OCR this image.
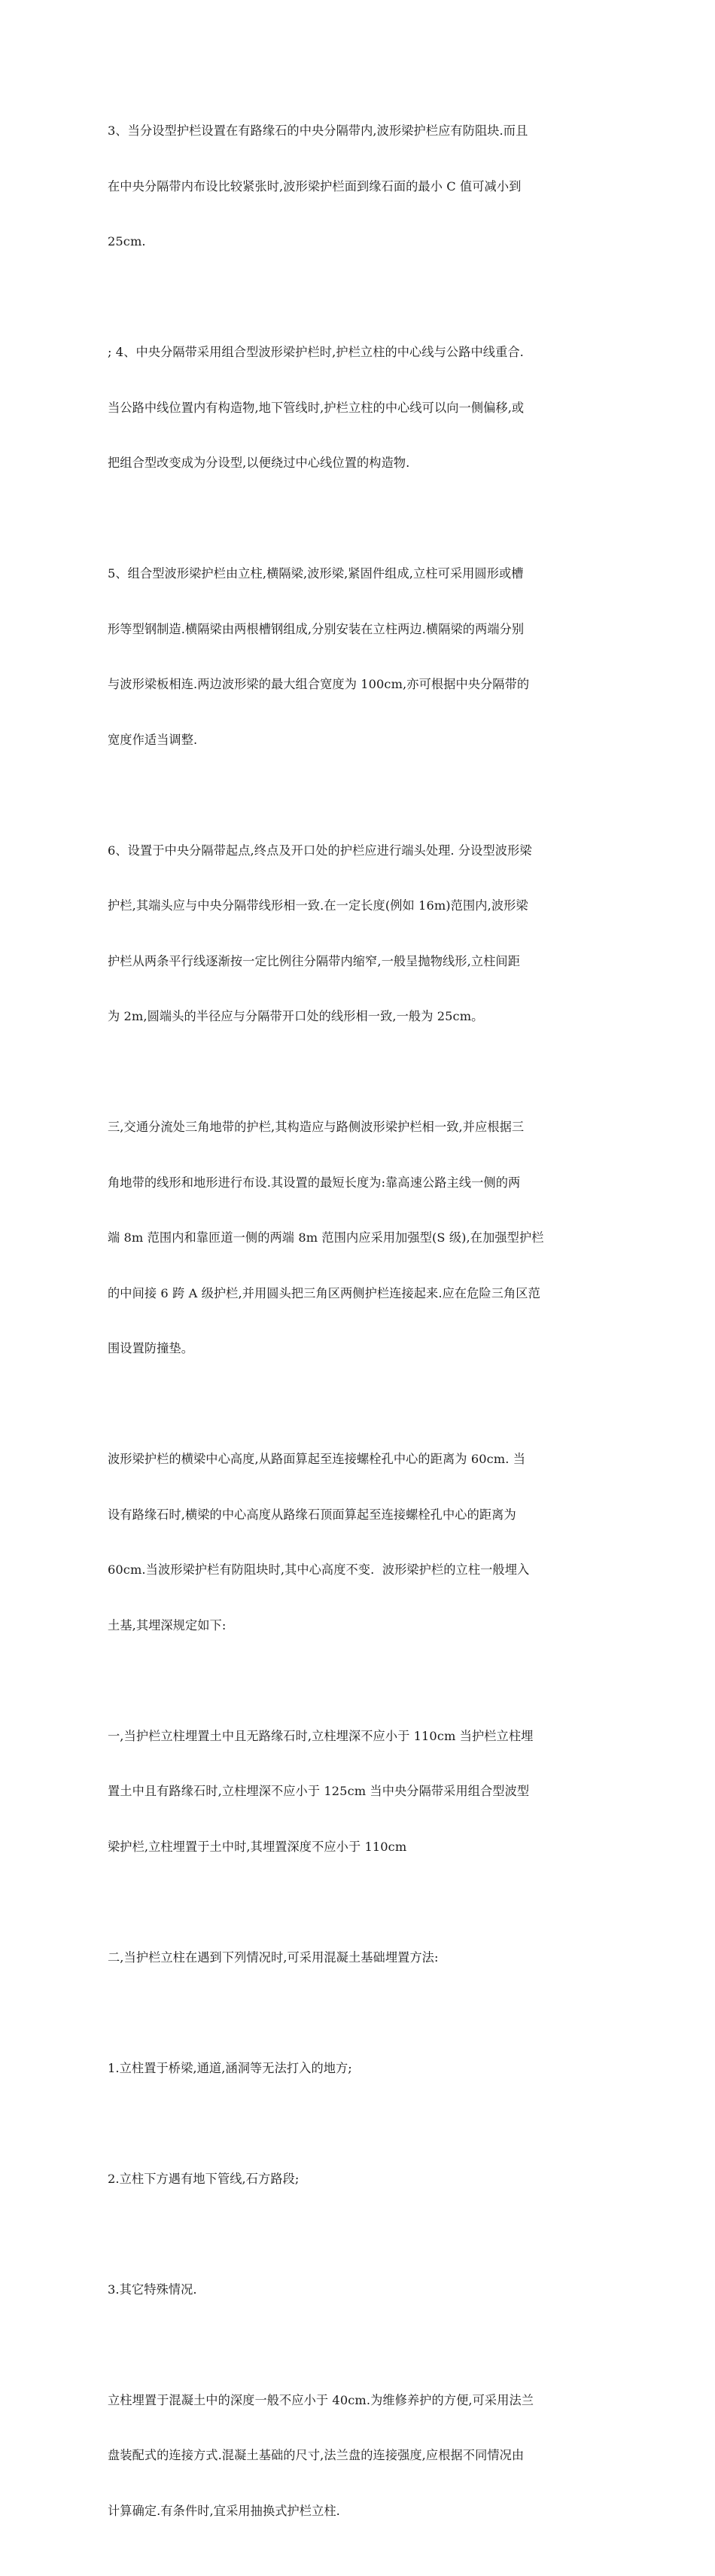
3、当分设型护栏设置在有路缘石的中央分隔带内,波形梁护栏应有防阻块.而且

在中央分隔带内布设比较紧张时,波形梁护栏面到缘石面的最小 C 值可减小到

25cm.

; 4、中央分隔带采用组合型波形梁护栏时,护栏立柱的中心线与公路中线重合.

当公路中线位置内有构造物,地下管线时,护栏立柱的中心线可以向一侧偏移,或

把组合型改变成为分设型,以便绕过中心线位置的构造物.

5、组合型波形梁护栏由立柱,横隔梁,波形梁,紧固件组成,立柱可采用圆形或槽

形等型钢制造.横隔梁由两根槽钢组成,分别安装在立柱两边.横隔梁的两端分别

与波形梁板相连.两边波形梁的最大组合宽度为 100cm,亦可根据中央分隔带的

宽度作适当调整.

6、设置于中央分隔带起点,终点及开口处的护栏应进行端头处理. 分设型波形梁

护栏,其端头应与中央分隔带线形相一致.在一定长度(例如 16m)范围内,波形梁

护栏从两条平行线逐渐按一定比例往分隔带内缩窄,一般呈抛物线形,立柱间距

为 2m,圆端头的半径应与分隔带开口处的线形相一致,一般为 25cm。

三,交通分流处三角地带的护栏,其构造应与路侧波形梁护栏相一致,并应根据三

角地带的线形和地形进行布设.其设置的最短长度为:靠高速公路主线一侧的两

端 8m 范围内和靠匝道一侧的两端 8m 范围内应采用加强型(S 级),在加强型护栏

的中间接 6 跨 A 级护栏,并用圆头把三角区两侧护栏连接起来.应在危险三角区范

围设置防撞垫。

波形梁护栏的横梁中心高度,从路面算起至连接螺栓孔中心的距离为 60cm. 当

设有路缘石时,横梁的中心高度从路缘石顶面算起至连接螺栓孔中心的距离为

60cm.当波形梁护栏有防阻块时,其中心高度不变.  波形梁护栏的立柱一般埋入

土基,其埋深规定如下:

一,当护栏立柱埋置土中且无路缘石时,立柱埋深不应小于 110cm 当护栏立柱埋

置土中且有路缘石时,立柱埋深不应小于 125cm 当中央分隔带采用组合型波型

梁护栏,立柱埋置于土中时,其埋置深度不应小于 110cm

二,当护栏立柱在遇到下列情况时,可采用混凝土基础埋置方法:

1.立柱置于桥梁,通道,涵洞等无法打入的地方;

2.立柱下方遇有地下管线,石方路段;

3.其它特殊情况.

立柱埋置于混凝土中的深度一般不应小于 40cm.为维修养护的方便,可采用法兰

盘装配式的连接方式.混凝土基础的尺寸,法兰盘的连接强度,应根据不同情况由

计算确定.有条件时,宜采用抽换式护栏立柱.
